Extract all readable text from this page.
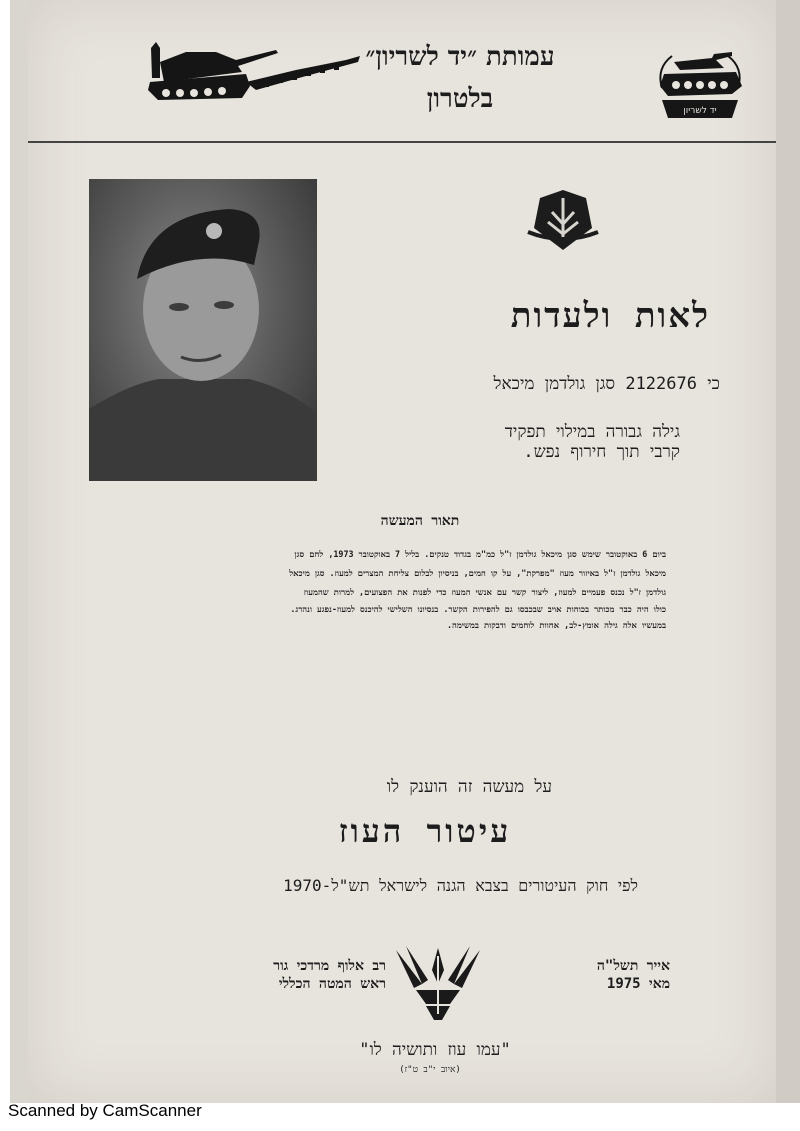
עמותת ״יד לשריון״
בלטרון	יד לשריון
לאות ולעדות
כי 2122676 סגן גולדמן מיכאל
גילה גבורה במילוי תפקיד
קרבי תוך חירוף נפש.
תאור המעשה
ביום 6 באוקטובר שימש סגן מיכאל גולדמן ז"ל כמ"מ בגדוד טנקים. בליל 7 באוקטובר 1973, לחם סגן
מיכאל גולדמן ז"ל באיזור מעוז "מפרקת", על קו המים, בניסיון לבלום צליחת המצרים למעוז. סגן מיכאל
גולדמן ז"ל נכנס פעמיים למעוז, ליצור קשר עם אנשי המעוז כדי לפנות את הפצועים, למרות שהמעוז
כולו היה כבר מכותר בכוחות אויב שבכבסו גם להפירות הקשר. בנסיונו השלישי להיכנס למעוז-נפגע ונהרג.
במעשיו אלה גילה אומץ-לב, אחוות לוחמים ודבקות במשימה.
על מעשה זה הוענק לו
עיטור העוז
לפי חוק העיטורים בצבא הגנה לישראל תש"ל-1970
רב אלוף מרדכי גור
ראש המטה הכללי
אייר תשל"ה
מאי 1975
"עמו עוז ותושיה לו"
(איוב י"ב ט"ז)
Scanned by CamScanner
